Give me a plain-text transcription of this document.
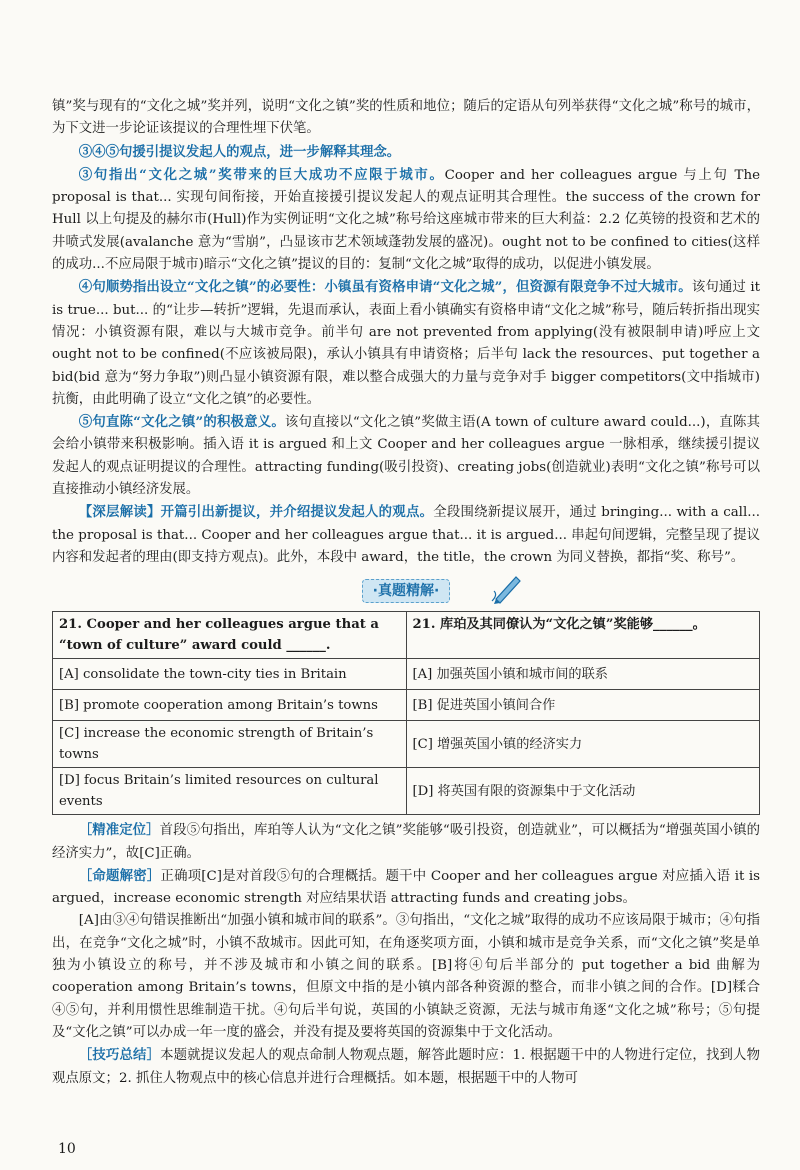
镇”奖与现有的“文化之城”奖并列，说明“文化之镇”奖的性质和地位；随后的定语从句列举获得“文化之城”称号的城市，为下文进一步论证该提议的合理性埋下伏笔。

③④⑤句援引提议发起人的观点，进一步解释其理念。

③句指出“文化之城”奖带来的巨大成功不应限于城市。Cooper and her colleagues argue 与上句 The proposal is that... 实现句间衔接，开始直接援引提议发起人的观点证明其合理性。the success of the crown for Hull 以上句提及的赫尔市(Hull)作为实例证明“文化之城”称号给这座城市带来的巨大利益：2.2 亿英镑的投资和艺术的井喷式发展(avalanche 意为“雪崩”，凸显该市艺术领域蓬勃发展的盛况)。ought not to be confined to cities(这样的成功...不应局限于城市)暗示“文化之镇”提议的目的：复制“文化之城”取得的成功，以促进小镇发展。

④句顺势指出设立“文化之镇”的必要性：小镇虽有资格申请“文化之城”，但资源有限竞争不过大城市。该句通过 it is true... but... 的“让步—转折”逻辑，先退而承认，表面上看小镇确实有资格申请“文化之城”称号，随后转折指出现实情况：小镇资源有限，难以与大城市竞争。前半句 are not prevented from applying(没有被限制申请)呼应上文 ought not to be confined(不应该被局限)，承认小镇具有申请资格；后半句 lack the resources、put together a bid(bid 意为“努力争取”)则凸显小镇资源有限，难以整合成强大的力量与竞争对手 bigger competitors(文中指城市)抗衡，由此明确了设立“文化之镇”的必要性。

⑤句直陈“文化之镇”的积极意义。该句直接以“文化之镇”奖做主语(A town of culture award could...)，直陈其会给小镇带来积极影响。插入语 it is argued 和上文 Cooper and her colleagues argue 一脉相承，继续援引提议发起人的观点证明提议的合理性。attracting funding(吸引投资)、creating jobs(创造就业)表明“文化之镇”称号可以直接推动小镇经济发展。

【深层解读】开篇引出新提议，并介绍提议发起人的观点。全段围绕新提议展开，通过 bringing... with a call... the proposal is that... Cooper and her colleagues argue that... it is argued... 串起句间逻辑，完整呈现了提议内容和发起者的理由(即支持方观点)。此外，本段中 award，the title，the crown 为同义替换，都指“奖、称号”。

·真题精解·
21. Cooper and her colleagues argue that a “town of culture” award could ______.	21. 库珀及其同僚认为“文化之镇”奖能够______。
[A] consolidate the town-city ties in Britain	[A] 加强英国小镇和城市间的联系
[B] promote cooperation among Britain’s towns	[B] 促进英国小镇间合作
[C] increase the economic strength of Britain’s towns	[C] 增强英国小镇的经济实力
[D] focus Britain’s limited resources on cultural events	[D] 将英国有限的资源集中于文化活动

［精准定位］首段⑤句指出，库珀等人认为“文化之镇”奖能够“吸引投资，创造就业”，可以概括为“增强英国小镇的经济实力”，故[C]正确。

［命题解密］正确项[C]是对首段⑤句的合理概括。题干中 Cooper and her colleagues argue 对应插入语 it is argued，increase economic strength 对应结果状语 attracting funds and creating jobs。

[A]由③④句错误推断出“加强小镇和城市间的联系”。③句指出，“文化之城”取得的成功不应该局限于城市；④句指出，在竞争“文化之城”时，小镇不敌城市。因此可知，在角逐奖项方面，小镇和城市是竞争关系，而“文化之镇”奖是单独为小镇设立的称号，并不涉及城市和小镇之间的联系。[B]将④句后半部分的 put together a bid 曲解为 cooperation among Britain’s towns，但原文中指的是小镇内部各种资源的整合，而非小镇之间的合作。[D]糅合④⑤句，并利用惯性思维制造干扰。④句后半句说，英国的小镇缺乏资源，无法与城市角逐“文化之城”称号；⑤句提及“文化之镇”可以办成一年一度的盛会，并没有提及要将英国的资源集中于文化活动。

［技巧总结］本题就提议发起人的观点命制人物观点题，解答此题时应：1. 根据题干中的人物进行定位，找到人物观点原文；2. 抓住人物观点中的核心信息并进行合理概括。如本题，根据题干中的人物可

10
